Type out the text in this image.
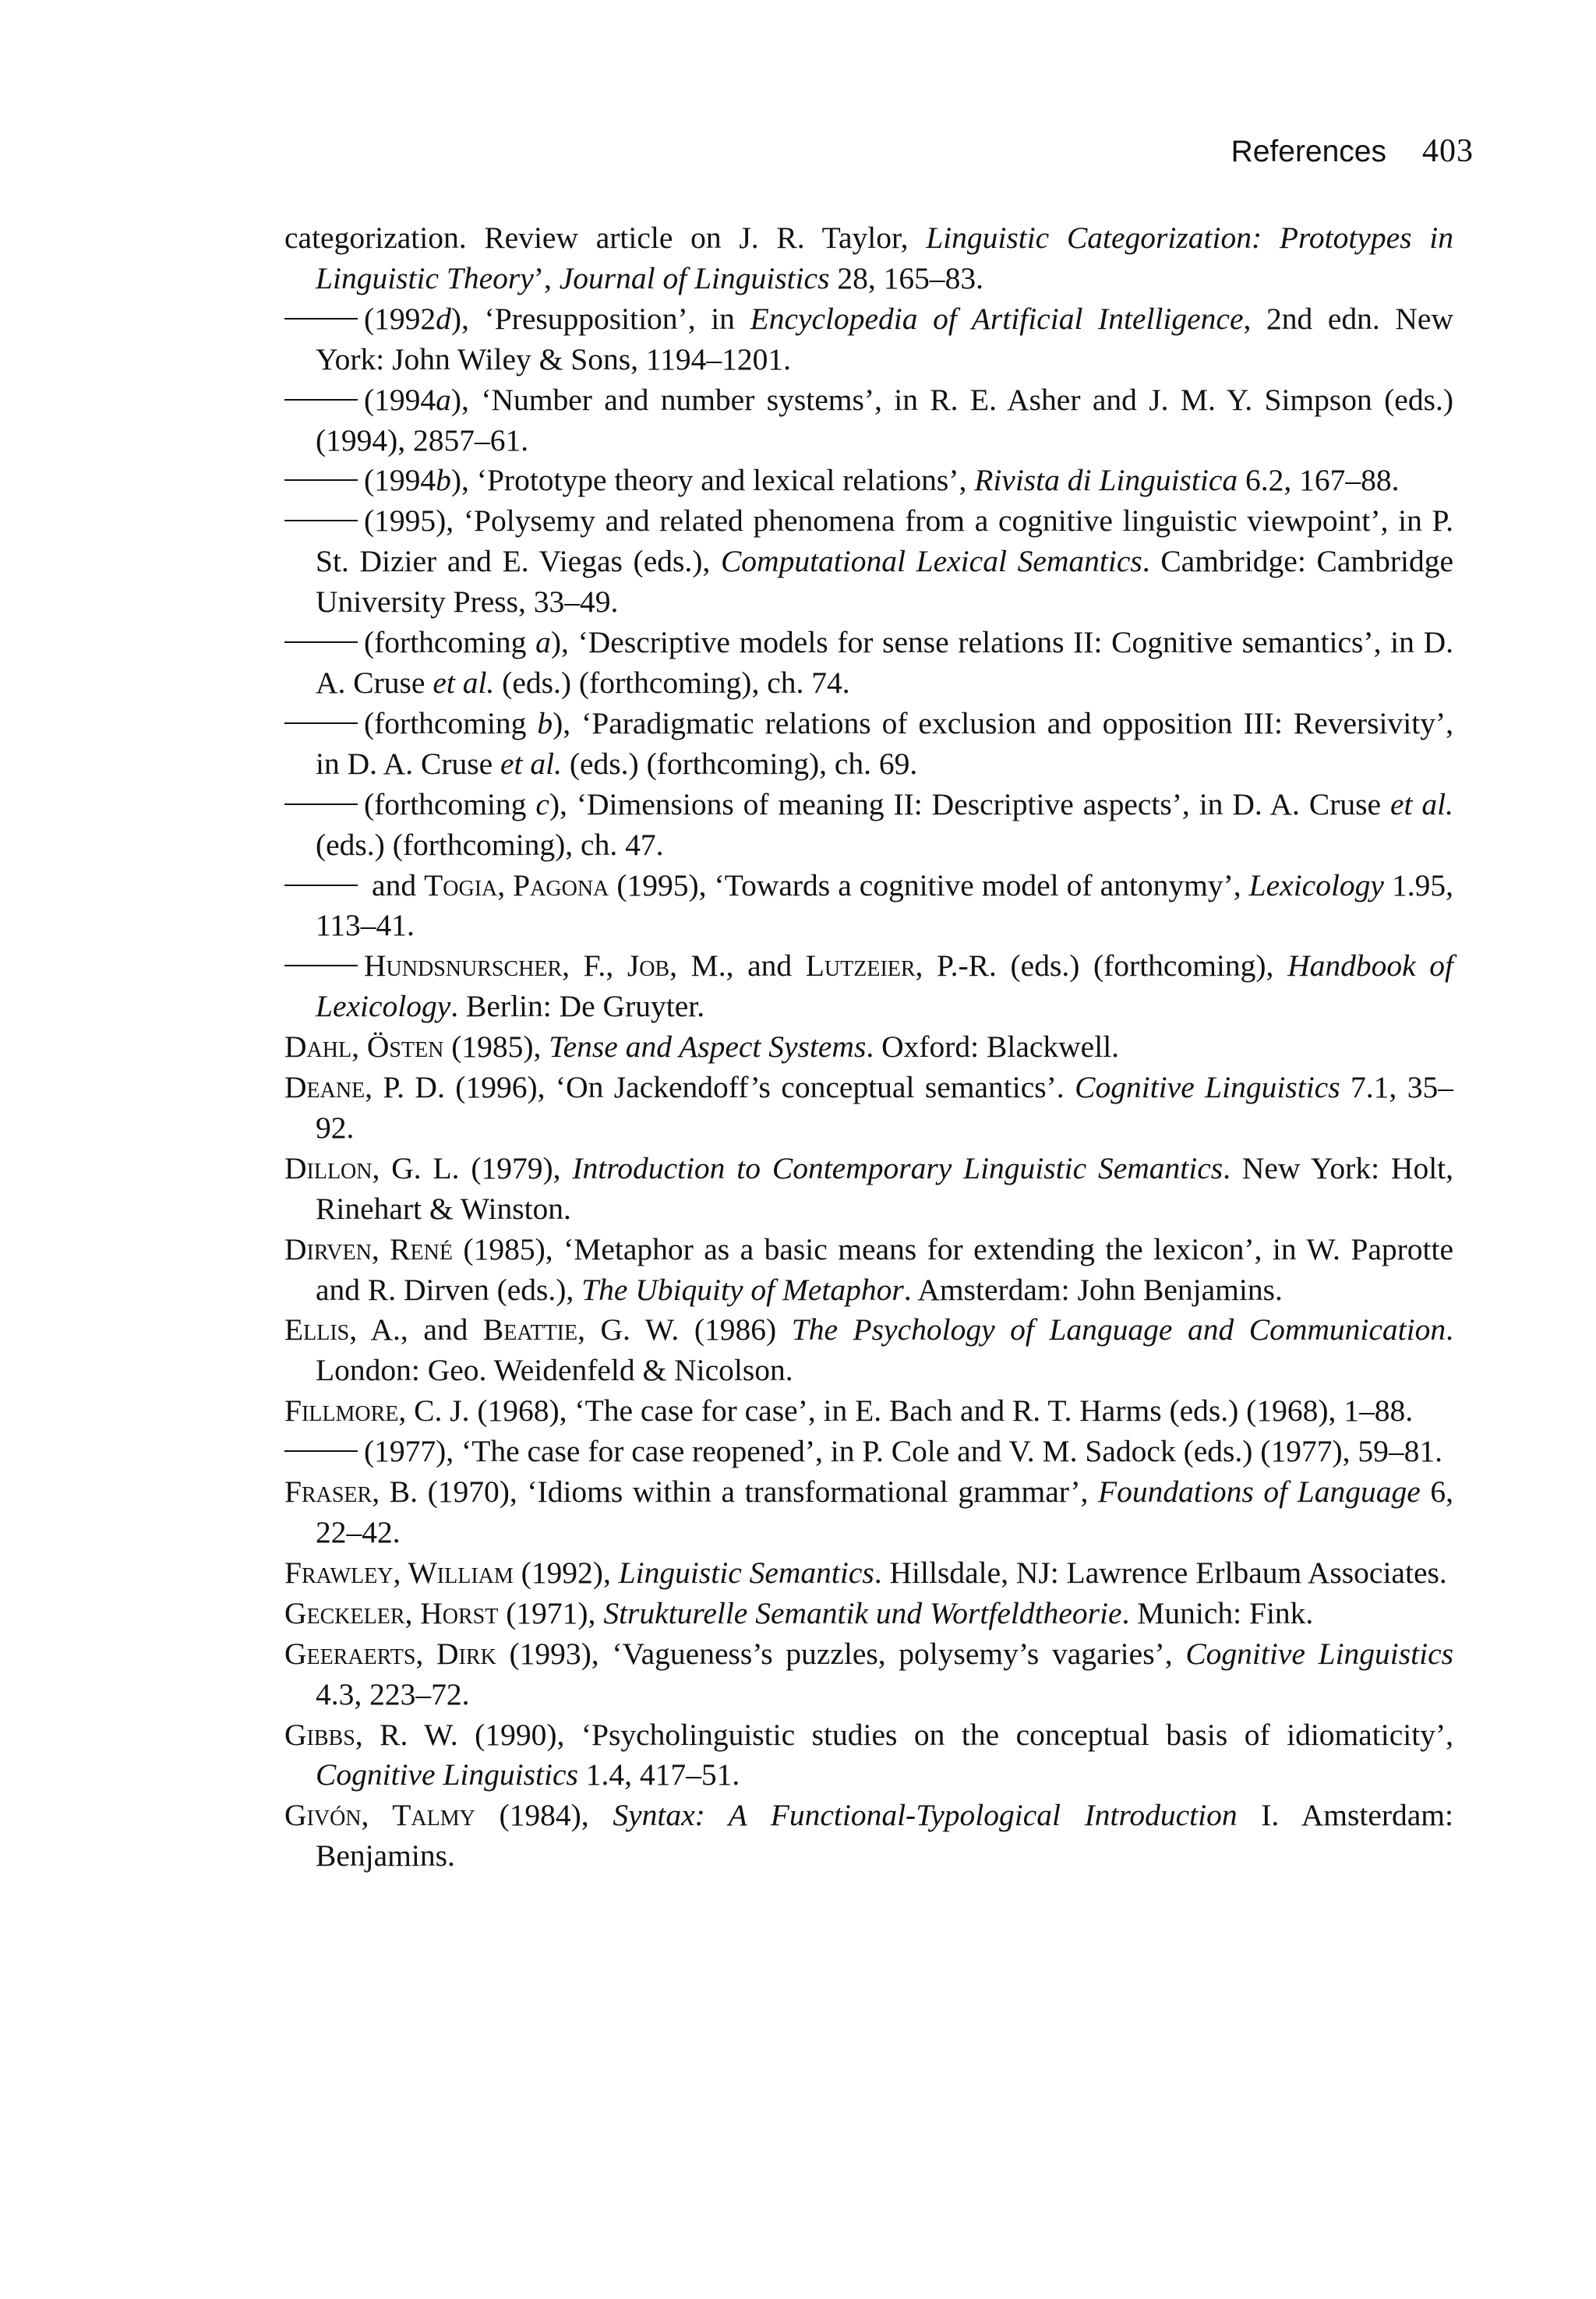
References 403
categorization. Review article on J. R. Taylor, Linguistic Categorization: Prototypes in Linguistic Theory’, Journal of Linguistics 28, 165–83.
(1992d), ‘Presupposition’, in Encyclopedia of Artificial Intelligence, 2nd edn. New York: John Wiley & Sons, 1194–1201.
(1994a), ‘Number and number systems’, in R. E. Asher and J. M. Y. Simpson (eds.) (1994), 2857–61.
(1994b), ‘Prototype theory and lexical relations’, Rivista di Linguistica 6.2, 167–88.
(1995), ‘Polysemy and related phenomena from a cognitive linguistic viewpoint’, in P. St. Dizier and E. Viegas (eds.), Computational Lexical Semantics. Cambridge: Cambridge University Press, 33–49.
(forthcoming a), ‘Descriptive models for sense relations II: Cognitive semantics’, in D. A. Cruse et al. (eds.) (forthcoming), ch. 74.
(forthcoming b), ‘Paradigmatic relations of exclusion and opposition III: Reversivity’, in D. A. Cruse et al. (eds.) (forthcoming), ch. 69.
(forthcoming c), ‘Dimensions of meaning II: Descriptive aspects’, in D. A. Cruse et al. (eds.) (forthcoming), ch. 47.
and Togia, Pagona (1995), ‘Towards a cognitive model of antonymy’, Lexicology 1.95, 113–41.
Hundsnurscher, F., Job, M., and Lutzeier, P.-R. (eds.) (forthcoming), Handbook of Lexicology. Berlin: De Gruyter.
Dahl, Östen (1985), Tense and Aspect Systems. Oxford: Blackwell.
Deane, P. D. (1996), ‘On Jackendoff’s conceptual semantics’. Cognitive Linguistics 7.1, 35–92.
Dillon, G. L. (1979), Introduction to Contemporary Linguistic Semantics. New York: Holt, Rinehart & Winston.
Dirven, René (1985), ‘Metaphor as a basic means for extending the lexicon’, in W. Paprotte and R. Dirven (eds.), The Ubiquity of Metaphor. Amsterdam: John Benjamins.
Ellis, A., and Beattie, G. W. (1986) The Psychology of Language and Communication. London: Geo. Weidenfeld & Nicolson.
Fillmore, C. J. (1968), ‘The case for case’, in E. Bach and R. T. Harms (eds.) (1968), 1–88.
(1977), ‘The case for case reopened’, in P. Cole and V. M. Sadock (eds.) (1977), 59–81.
Fraser, B. (1970), ‘Idioms within a transformational grammar’, Foundations of Language 6, 22–42.
Frawley, William (1992), Linguistic Semantics. Hillsdale, NJ: Lawrence Erlbaum Associates.
Geckeler, Horst (1971), Strukturelle Semantik und Wortfeldtheorie. Munich: Fink.
Geeraerts, Dirk (1993), ‘Vagueness’s puzzles, polysemy’s vagaries’, Cognitive Linguistics 4.3, 223–72.
Gibbs, R. W. (1990), ‘Psycholinguistic studies on the conceptual basis of idiomaticity’, Cognitive Linguistics 1.4, 417–51.
Givón, Talmy (1984), Syntax: A Functional-Typological Introduction I. Amsterdam: Benjamins.
